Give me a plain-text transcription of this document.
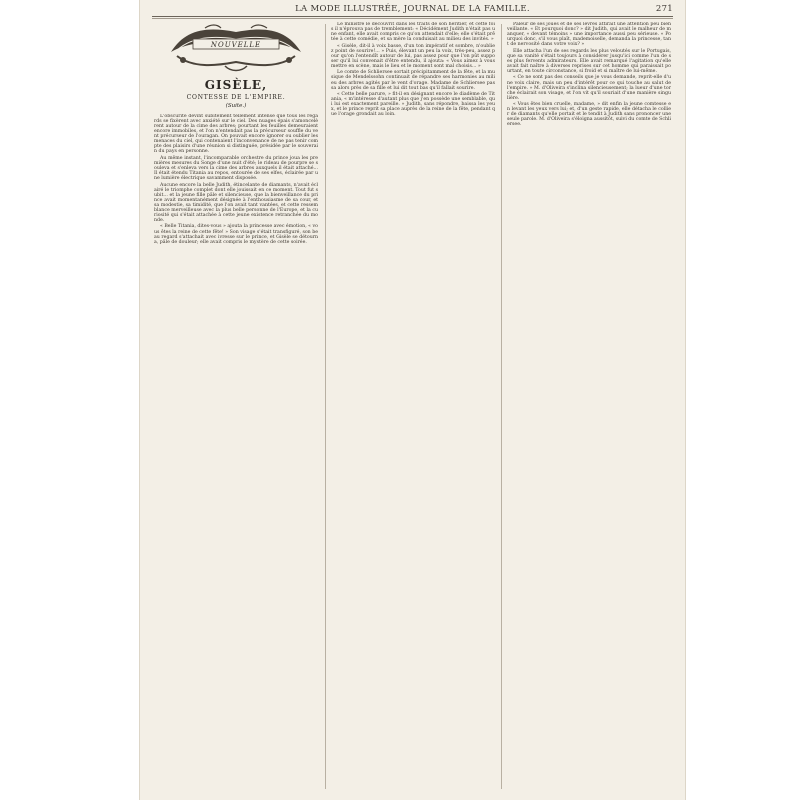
LA MODE ILLUSTRÉE, JOURNAL DE LA FAMILLE.	271
NOUVELLE
GISÈLE,
CONTESSE DE L'EMPIRE.
(Suite.)

L'obscurité devint subitement tellement intense que tous les regards se fixèrent avec anxiété sur le ciel. Des nuages épais s'amoncelèrent autour de la cime des arbres; pourtant les feuilles demeuraient encore immobiles, et l'on n'entendait pas la précurseur souffle du vent précurseur de l'ouragan. On pouvait encore ignorer ou oublier les menaces du ciel, qui contenaient l'inconvenance de ne pas tenir compte des plaisirs d'une réunion si distinguée, présidée par le souverain du pays en personne.

Au même instant, l'incomparable orchestre du prince joua les premières mesures du Songe d'une nuit d'été; le rideau de pourpre se souleva et s'enleva vers la cime des arbres auxquels il était attaché... Il était étendu Titania au repos, entourée de ses elfes, éclairée par une lumière électrique savamment disposée.

Aucune encore la belle Judith, étincelante de diamants, n'avait éclairé le triomphe complet dont elle jouissait en ce moment. Tout fut subit... et la jeune fille pâle et silencieuse, que la bienveillance du prince avait momentanément désignée à l'enthousiasme de sa cour, et sa modestie, sa timidité, que l'on avait tant vantées, et cette ressemblance merveilleuse avec la plus belle personne de l'Europe, et la curiosité qui s'était attachée à cette jeune existence retranchée du monde.

« Belle Titania, dites-vous » ajouta la princesse avec émotion, « vous êtes la reine de cette fête! » Son visage s'était transfiguré, son beau regard s'attachait avec ivresse sur le prince, et Gisèle se détourna, pâle de douleur; elle avait compris le mystère de cette soirée.

Le ministre le découvrit dans les traits de son héritier, et cette fois il n'éprouva pas de tremblement: « Décidément Judith n'était pas une enfant, elle avait compris ce qu'on attendait d'elle; elle s'était prêtée à cette comédie, et sa mère la conduisait au milieu des invités. »

« Gisèle, dit-il à voix basse, d'un ton impératif et sombre, n'oubliez point de sourire!... » Puis, élevant un peu la voix, très-peu, assez pour qu'on l'entendît autour de lui, pas assez pour que l'on pût supposer qu'il lui convenait d'être entendu, il ajouta: « Vous aimez à vous mettre en scène, mais le lieu et le moment sont mal choisis... »

Le comte de Schliersee sortait précipitamment de la fête, et la musique de Mendelssohn continuait de répandre ses harmonies au milieu des arbres agités par le vent d'orage. Madame de Schliersee passa alors près de sa fille et lui dit tout bas qu'il fallait sourire.

« Cette belle parure, » fit-il en désignant encore le diadème de Titania, « m'intéresse d'autant plus que j'en possède une semblable, qui lui est exactement pareille. » Judith, sans répondre, baissa les yeux, et le prince reprit sa place auprès de la reine de la fête, pendant que l'orage grondait au loin.

Pâleur de ses joues et de ses lèvres attirait une attention peu bienveillante. « Et pourquoi donc? » dit Judith, qui avait le malheur de manquer, « devant témoins » une importance aussi peu sérieuse. « Pourquoi donc, s'il vous plaît, mademoiselle, demanda la princesse, tant de nervosité dans votre voix? »

Elle attacha l'un de ses regards les plus veloutés sur le Portugais, que sa vanité s'était toujours à considérer jusqu'ici comme l'un de ses plus fervents admirateurs. Elle avait remarqué l'agitation qu'elle avait fait naître à diverses reprises sur cet homme qui paraissait pourtant, en toute circonstance, si froid et si maître de lui-même.

« Ce ne sont pas des conseils que je vous demande, reprit-elle d'une voix claire, mais un peu d'intérêt pour ce qui touche au salut de l'empire. » M. d'Oliveira s'inclina silencieusement; la lueur d'une torche éclairait son visage, et l'on vit qu'il souriait d'une manière singulière.

« Vous êtes bien cruelle, madame, » dit enfin la jeune comtesse en levant les yeux vers lui; et, d'un geste rapide, elle détacha le collier de diamants qu'elle portait et le tendit à Judith sans prononcer une seule parole. M. d'Oliveira s'éloigna aussitôt, suivi du comte de Schliersee.
